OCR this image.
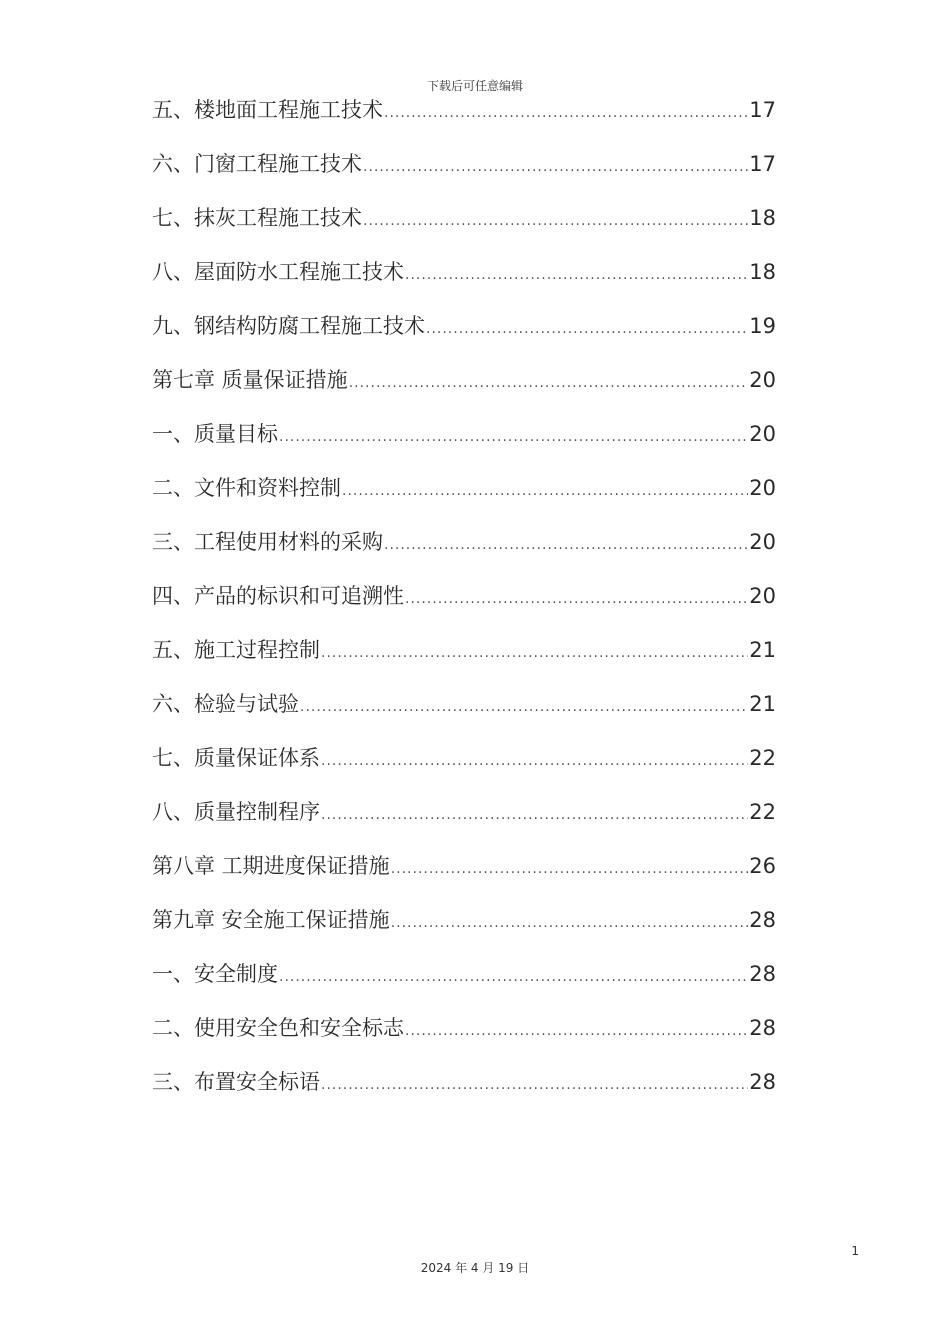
下载后可任意编辑
五、楼地面工程施工技术 .....	17
六、门窗工程施工技术 .....	17
七、抹灰工程施工技术 .....	18
八、屋面防水工程施工技术 .....	18
九、钢结构防腐工程施工技术 .....	19
第七章 质量保证措施 .....	20
一、质量目标 .....	20
二、文件和资料控制 .....	20
三、工程使用材料的采购 .....	20
四、产品的标识和可追溯性 .....	20
五、施工过程控制 .....	21
六、检验与试验 .....	21
七、质量保证体系 .....	22
八、质量控制程序 .....	22
第八章 工期进度保证措施 .....	26
第九章 安全施工保证措施 .....	28
一、安全制度 .....	28
二、使用安全色和安全标志 .....	28
三、布置安全标语 .....	28
1
2024 年 4 月 19 日
